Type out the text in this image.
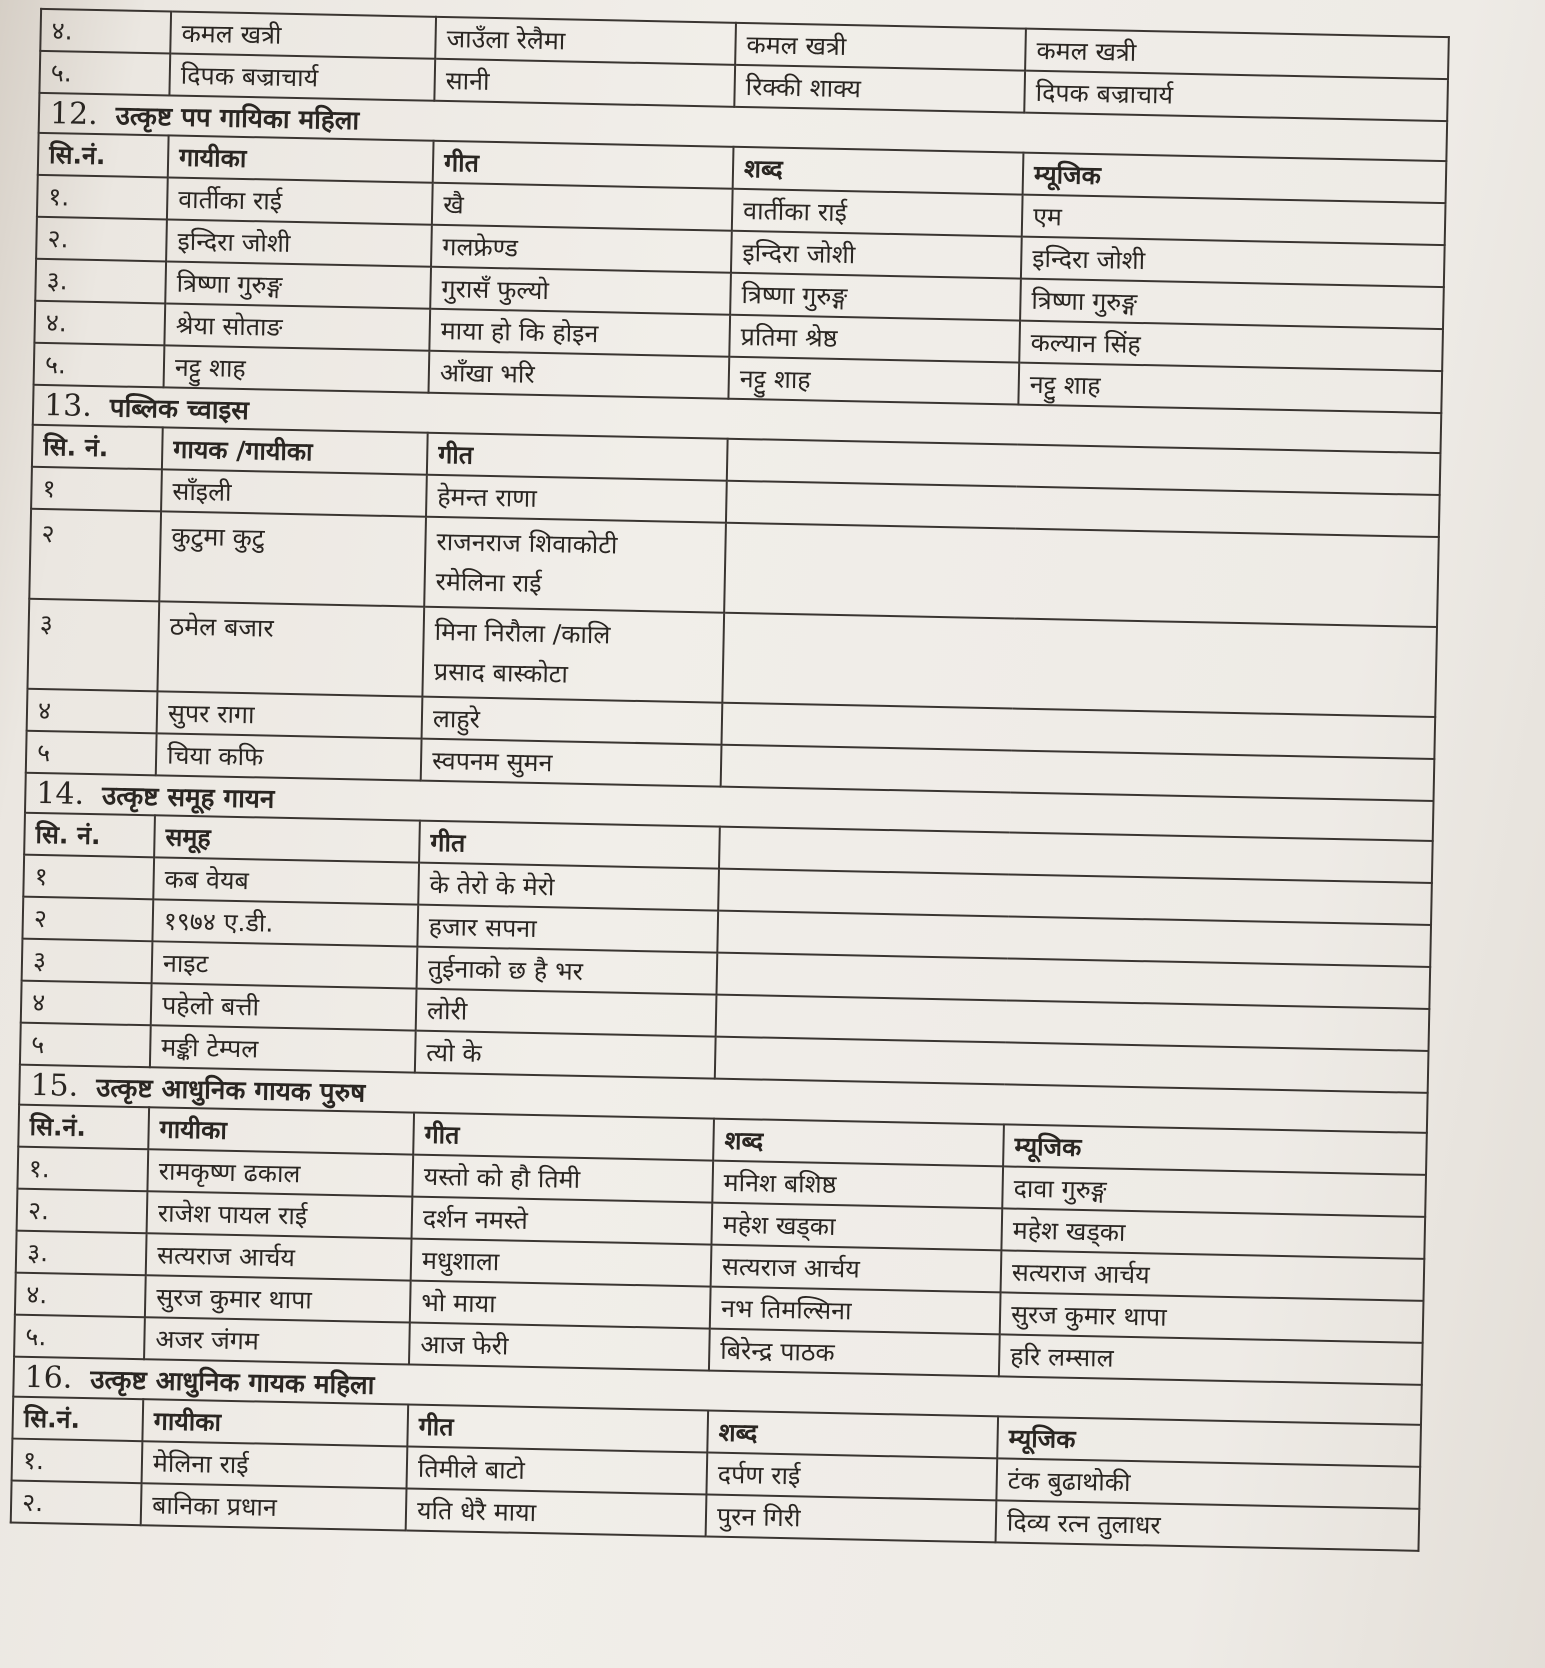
४.	कमल खत्री	जाउँला रेलैमा	कमल खत्री	कमल खत्री
५.	दिपक बज्राचार्य	सानी	रिक्की शाक्य	दिपक बज्राचार्य
12. उत्कृष्ट पप गायिका महिला				
सि.नं.	गायीका	गीत	शब्द	म्यूजिक
१.	वार्तीका राई	खै	वार्तीका राई	एम
२.	इन्दिरा जोशी	गलफ्रेण्ड	इन्दिरा जोशी	इन्दिरा जोशी
३.	त्रिष्णा गुरुङ्ग	गुरासँ फुल्यो	त्रिष्णा गुरुङ्ग	त्रिष्णा गुरुङ्ग
४.	श्रेया सोताङ	माया हो कि होइन	प्रतिमा श्रेष्ठ	कल्यान सिंह
५.	नट्टु शाह	आँखा भरि	नट्टु शाह	नट्टु शाह
13. पब्लिक च्वाइस				
सि. नं.	गायक /गायीका	गीत		
१	साँइली	हेमन्त राणा		
२	कुटुमा कुटु	राजनराज शिवाकोटी
रमेलिना राई		

३	ठमेल बजार	मिना निरौला /कालि
प्रसाद बास्कोटा		

४	सुपर रागा	लाहुरे		
५	चिया कफि	स्वपनम सुमन		
14. उत्कृष्ट समूह गायन				
सि. नं.	समूह	गीत		
१	कब वेयब	के तेरो के मेरो		
२	१९७४ ए.डी.	हजार सपना		
३	नाइट	तुईनाको छ है भर		
४	पहेलो बत्ती	लोरी		
५	मङ्की टेम्पल	त्यो के		
15. उत्कृष्ट आधुनिक गायक पुरुष				
सि.नं.	गायीका	गीत	शब्द	म्यूजिक
१.	रामकृष्ण ढकाल	यस्तो को हौ तिमी	मनिश बशिष्ठ	दावा गुरुङ्ग
२.	राजेश पायल राई	दर्शन नमस्ते	महेश खड्का	महेश खड्का
३.	सत्यराज आर्चय	मधुशाला	सत्यराज आर्चय	सत्यराज आर्चय
४.	सुरज कुमार थापा	भो माया	नभ तिमल्सिना	सुरज कुमार थापा
५.	अजर जंगम	आज फेरी	बिरेन्द्र पाठक	हरि लम्साल
16. उत्कृष्ट आधुनिक गायक महिला				
सि.नं.	गायीका	गीत	शब्द	म्यूजिक
१.	मेलिना राई	तिमीले बाटो	दर्पण राई	टंक बुढाथोकी
२.	बानिका प्रधान	यति धेरै माया	पुरन गिरी	दिव्य रत्न तुलाधर
